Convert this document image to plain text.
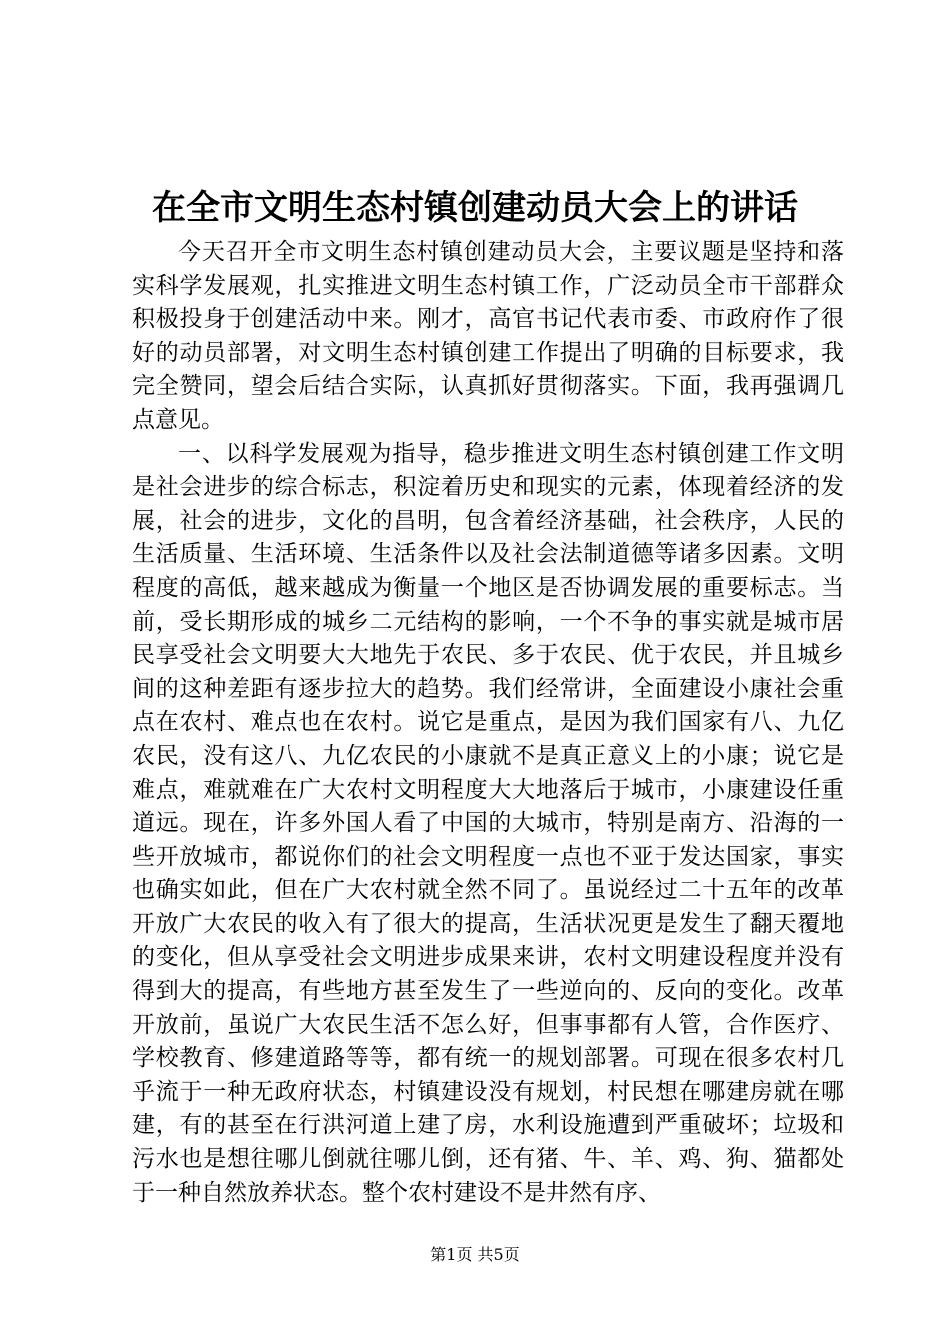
在全市文明生态村镇创建动员大会上的讲话

今天召开全市文明生态村镇创建动员大会，主要议题是坚持和落实科学发展观，扎实推进文明生态村镇工作，广泛动员全市干部群众积极投身于创建活动中来。刚才，高官书记代表市委、市政府作了很好的动员部署，对文明生态村镇创建工作提出了明确的目标要求，我完全赞同，望会后结合实际，认真抓好贯彻落实。下面，我再强调几点意见。

一、以科学发展观为指导，稳步推进文明生态村镇创建工作文明是社会进步的综合标志，积淀着历史和现实的元素，体现着经济的发展，社会的进步，文化的昌明，包含着经济基础，社会秩序，人民的生活质量、生活环境、生活条件以及社会法制道德等诸多因素。文明程度的高低，越来越成为衡量一个地区是否协调发展的重要标志。当前，受长期形成的城乡二元结构的影响，一个不争的事实就是城市居民享受社会文明要大大地先于农民、多于农民、优于农民，并且城乡间的这种差距有逐步拉大的趋势。我们经常讲，全面建设小康社会重点在农村、难点也在农村。说它是重点，是因为我们国家有八、九亿农民，没有这八、九亿农民的小康就不是真正意义上的小康；说它是难点，难就难在广大农村文明程度大大地落后于城市，小康建设任重道远。现在，许多外国人看了中国的大城市，特别是南方、沿海的一些开放城市，都说你们的社会文明程度一点也不亚于发达国家，事实也确实如此，但在广大农村就全然不同了。虽说经过二十五年的改革开放广大农民的收入有了很大的提高，生活状况更是发生了翻天覆地的变化，但从享受社会文明进步成果来讲，农村文明建设程度并没有得到大的提高，有些地方甚至发生了一些逆向的、反向的变化。改革开放前，虽说广大农民生活不怎么好，但事事都有人管，合作医疗、学校教育、修建道路等等，都有统一的规划部署。可现在很多农村几乎流于一种无政府状态，村镇建设没有规划，村民想在哪建房就在哪建，有的甚至在行洪河道上建了房，水利设施遭到严重破坏；垃圾和污水也是想往哪儿倒就往哪儿倒，还有猪、牛、羊、鸡、狗、猫都处于一种自然放养状态。整个农村建设不是井然有序、

第1页 共5页
